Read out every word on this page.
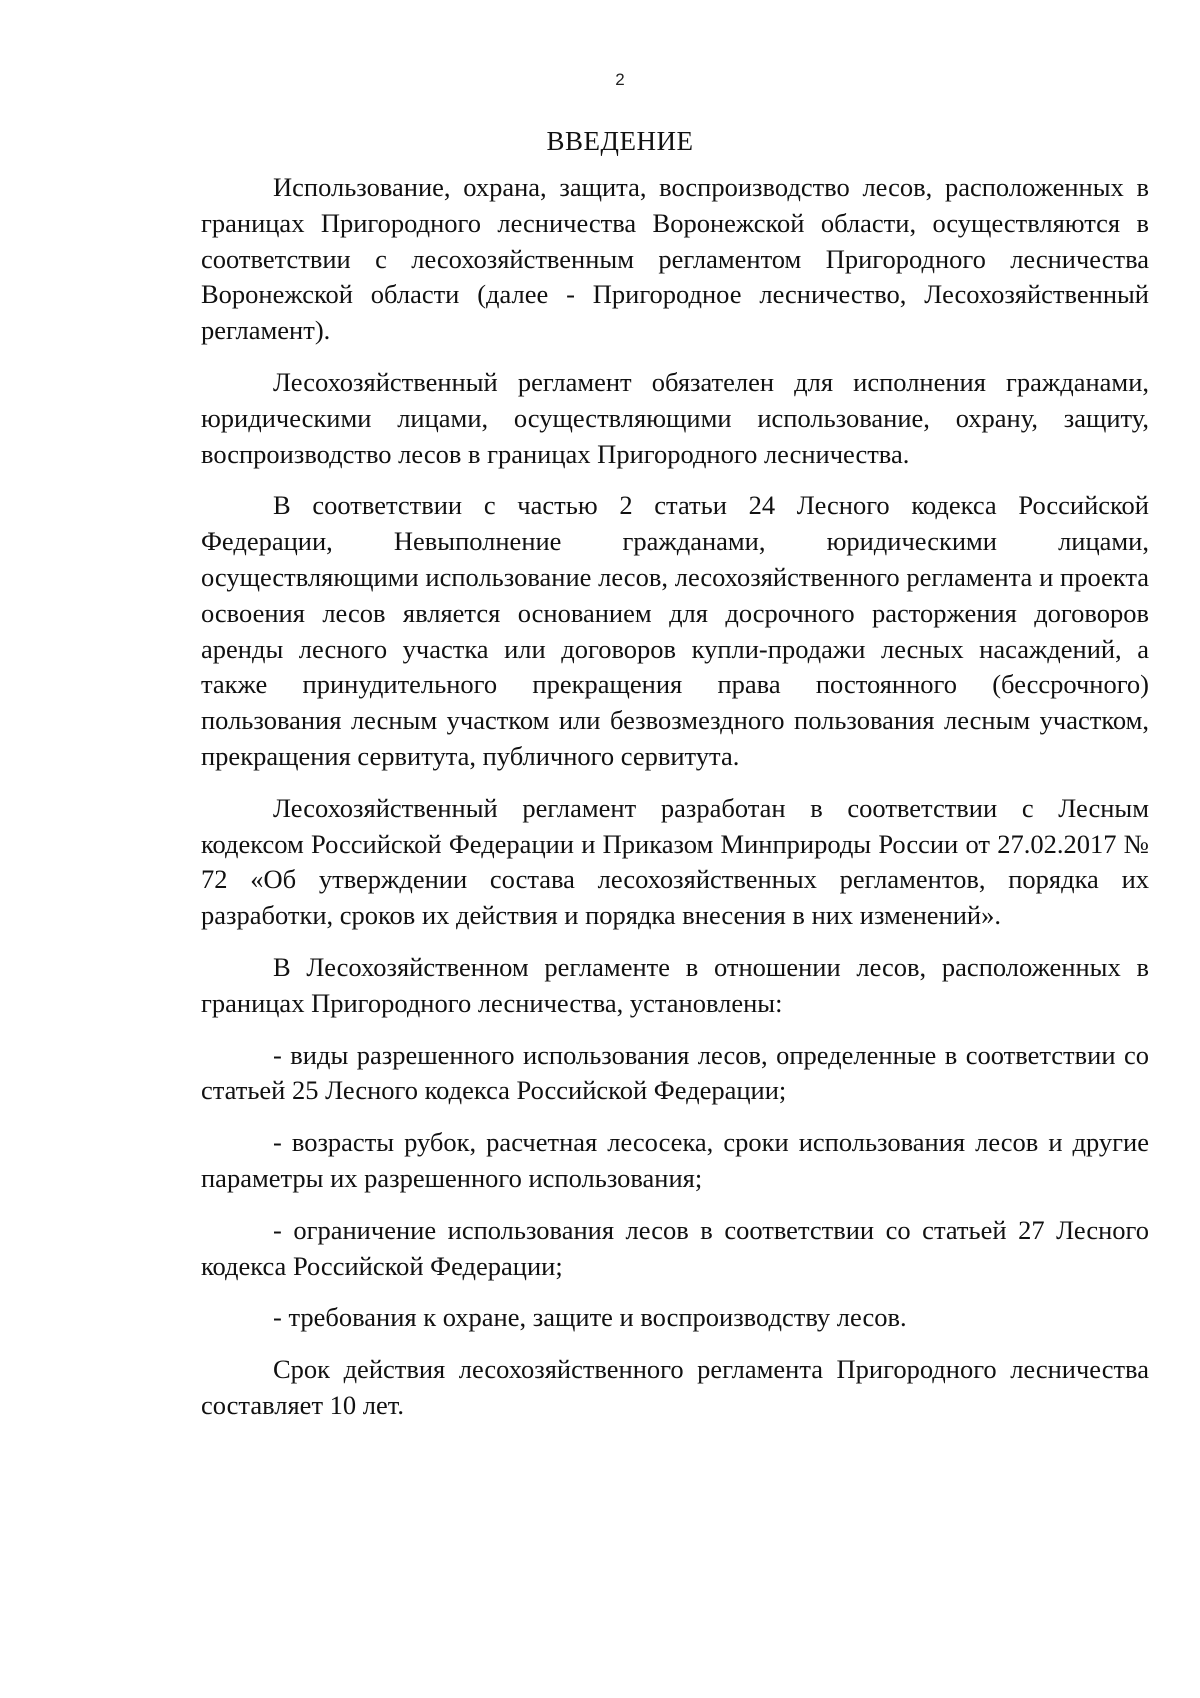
2
ВВЕДЕНИЕ

Использование, охрана, защита, воспроизводство лесов, расположенных в границах Пригородного лесничества Воронежской области, осуществляются в соответствии с лесохозяйственным регламентом Пригородного лесничества Воронежской области (далее - Пригородное лесничество, Лесохозяйственный регламент).

Лесохозяйственный регламент обязателен для исполнения гражданами, юридическими лицами, осуществляющими использование, охрану, защиту, воспроизводство лесов в границах Пригородного лесничества.

В соответствии с частью 2 статьи 24 Лесного кодекса Российской Федерации, Невыполнение гражданами, юридическими лицами, осуществляющими использование лесов, лесохозяйственного регламента и проекта освоения лесов является основанием для досрочного расторжения договоров аренды лесного участка или договоров купли-продажи лесных насаждений, а также принудительного прекращения права постоянного (бессрочного) пользования лесным участком или безвозмездного пользования лесным участком, прекращения сервитута, публичного сервитута.

Лесохозяйственный регламент разработан в соответствии с Лесным кодексом Российской Федерации и Приказом Минприроды России от 27.02.2017 № 72 «Об утверждении состава лесохозяйственных регламентов, порядка их разработки, сроков их действия и порядка внесения в них изменений».

В Лесохозяйственном регламенте в отношении лесов, расположенных в границах Пригородного лесничества, установлены:

- виды разрешенного использования лесов, определенные в соответствии со статьей 25 Лесного кодекса Российской Федерации;

- возрасты рубок, расчетная лесосека, сроки использования лесов и другие параметры их разрешенного использования;

- ограничение использования лесов в соответствии со статьей 27 Лесного кодекса Российской Федерации;

- требования к охране, защите и воспроизводству лесов.

Срок действия лесохозяйственного регламента Пригородного лесничества составляет 10 лет.
